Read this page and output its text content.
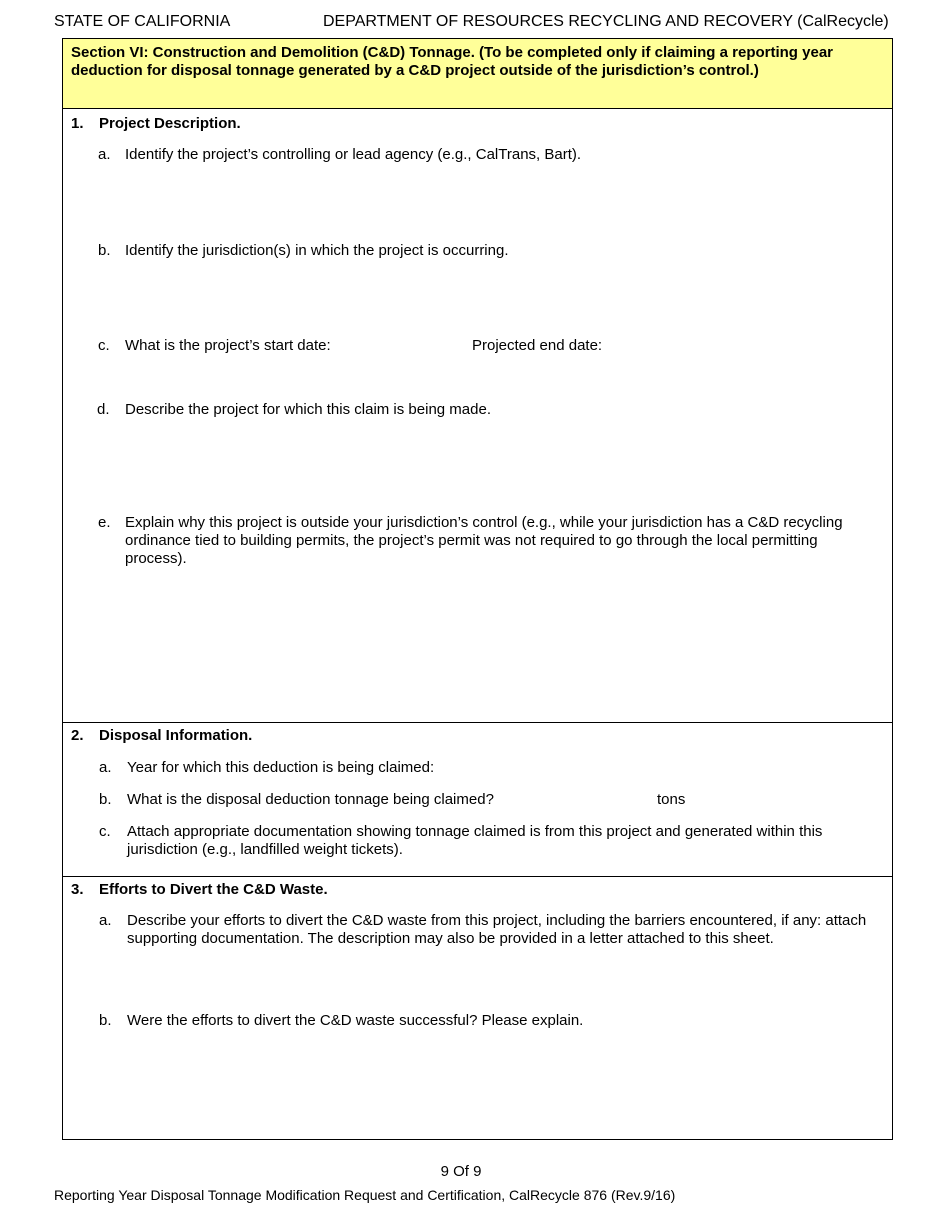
STATE OF CALIFORNIA	DEPARTMENT OF RESOURCES RECYCLING AND RECOVERY (CalRecycle)
Section VI: Construction and Demolition (C&D) Tonnage. (To be completed only if claiming a reporting year deduction for disposal tonnage generated by a C&D project outside of the jurisdiction’s control.)
1. Project Description.
a. Identify the project’s controlling or lead agency (e.g., CalTrans, Bart).
b. Identify the jurisdiction(s) in which the project is occurring.
c. What is the project’s start date:	Projected end date:
d. Describe the project for which this claim is being made.
e. Explain why this project is outside your jurisdiction’s control (e.g., while your jurisdiction has a C&D recycling ordinance tied to building permits, the project’s permit was not required to go through the local permitting process).
2. Disposal Information.
a. Year for which this deduction is being claimed:
b. What is the disposal deduction tonnage being claimed?	tons
c. Attach appropriate documentation showing tonnage claimed is from this project and generated within this jurisdiction (e.g., landfilled weight tickets).
3. Efforts to Divert the C&D Waste.
a. Describe your efforts to divert the C&D waste from this project, including the barriers encountered, if any: attach supporting documentation. The description may also be provided in a letter attached to this sheet.
b. Were the efforts to divert the C&D waste successful? Please explain.
9 Of 9
Reporting Year Disposal Tonnage Modification Request and Certification, CalRecycle 876 (Rev.9/16)
